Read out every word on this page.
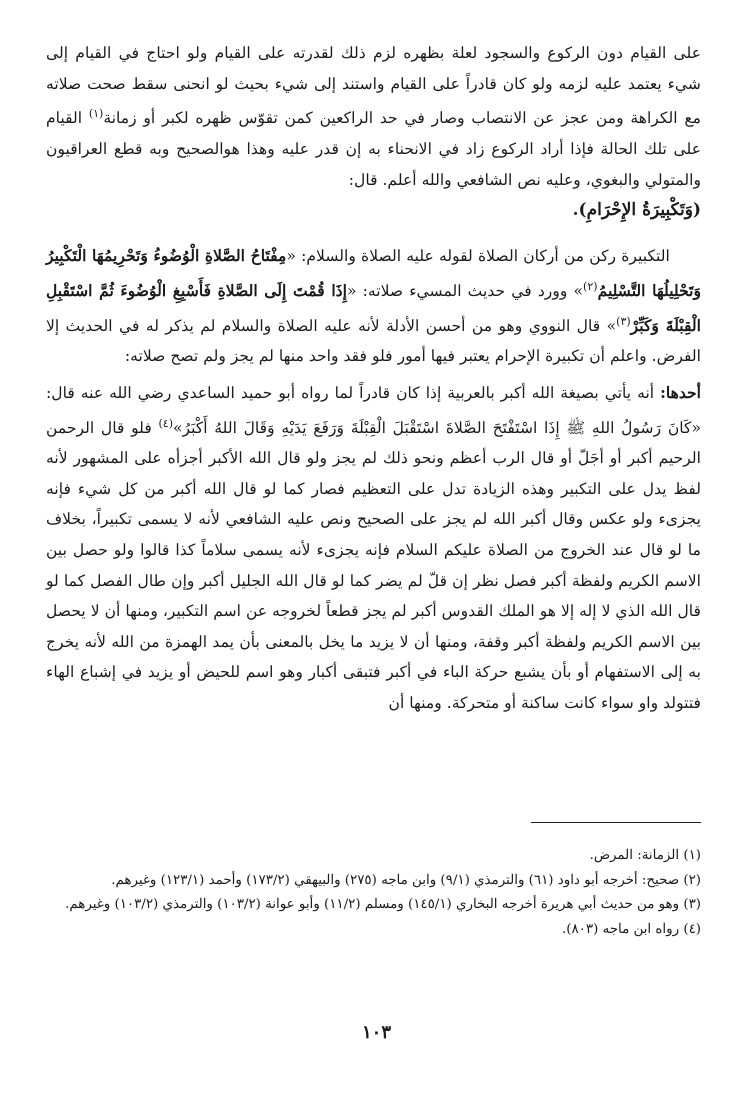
على القيام دون الركوع والسجود لعلة بظهره لزم ذلك لقدرته على القيام ولو احتاج في القيام إلى شيء يعتمد عليه لزمه ولو كان قادراً على القيام واستند إلى شيء بحيث لو انحنى سقط صحت صلاته مع الكراهة ومن عجز عن الانتصاب وصار في حد الراكعين كمن تقوّس ظهره لكبر أو زمانة$^{(١)}$ القيام على تلك الحالة فإذا أراد الركوع زاد في الانحناء به إن قدر عليه وهذا هوالصحيح وبه قطع العراقيون والمتولي والبغوي، وعليه نص الشافعي والله أعلم. قال:

(وَتَكْبِيرَةُ الإِحْرَامِ).

  التكبيرة ركن من أركان الصلاة لقوله عليه الصلاة والسلام: «مِفْتَاحُ الصَّلاةِ الْوُضُوءُ وَتَحْرِيمُهَا الْتَكْبِيرُ وَتَحْلِيلُهَا التَّسْلِيمُ$^{(٢)}$» وورد في حديث المسيء صلاته: «إِذَا قُمْتَ إِلَى الصَّلاةِ فَأَسْبِغِ الْوُضُوءَ ثُمَّ اسْتَقْبِلِ الْقِبْلَةَ وَكَبِّرْ$^{(٣)}$» قال النووي وهو من أحسن الأدلة لأنه عليه الصلاة والسلام لم يذكر له في الحديث إلا الفرض. واعلم أن تكبيرة الإحرام يعتبر فيها أمور فلو فقد واحد منها لم يجز ولم تصح صلاته:

أحدها: أنه يأتي بصيغة الله أكبر بالعربية إذا كان قادراً لما رواه أبو حميد الساعدي رضي الله عنه قال: «كَانَ رَسُولُ اللهِ ﷺ إِذَا اسْتَفْتَحَ الصَّلاةَ اسْتَقْبَلَ الْقِبْلَةَ وَرَفَعَ يَدَيْهِ وَقَالَ اللهُ أَكْبَرُ»$^{(٤)}$ فلو قال الرحمن الرحيم أكبر أو أجَلّ أو قال الرب أعظم ونحو ذلك لم يجز ولو قال الله الأكبر أجزأه على المشهور لأنه لفظ يدل على التكبير وهذه الزيادة تدل على التعظيم فصار كما لو قال الله أكبر من كل شيء فإنه يجزىء ولو عكس وقال أكبر الله لم يجز على الصحيح ونص عليه الشافعي لأنه لا يسمى تكبيراً، بخلاف ما لو قال عند الخروج من الصلاة عليكم السلام فإنه يجزىء لأنه يسمى سلاماً كذا قالوا ولو حصل بين الاسم الكريم ولفظة أكبر فصل نظر إن قلّ لم يضر كما لو قال الله الجليل أكبر وإن طال الفصل كما لو قال الله الذي لا إله إلا هو الملك القدوس أكبر لم يجز قطعاً لخروجه عن اسم التكبير، ومنها أن لا يحصل بين الاسم الكريم ولفظة أكبر وقفة، ومنها أن لا يزيد ما يخل بالمعنى بأن يمد الهمزة من الله لأنه يخرج به إلى الاستفهام أو بأن يشبع حركة الباء في أكبر فتبقى أكبار وهو اسم للحيض أو يزيد في إشباع الهاء فتتولد واو سواء كانت ساكنة أو متحركة. ومنها أن

(١) الزمانة: المرض.

(٢) صحيح: أخرجه أبو داود (٦١) والترمذي (٩/١) وابن ماجه (٢٧٥) والبيهقي (١٧٣/٢) وأحمد (١٢٣/١) وغيرهم.

(٣) وهو من حديث أبي هريرة أخرجه البخاري (١٤٥/١) ومسلم (١١/٢) وأبو عوانة (١٠٣/٢) والترمذي (١٠٣/٢) وغيرهم.

(٤) رواه ابن ماجه (٨٠٣).

١٠٣
